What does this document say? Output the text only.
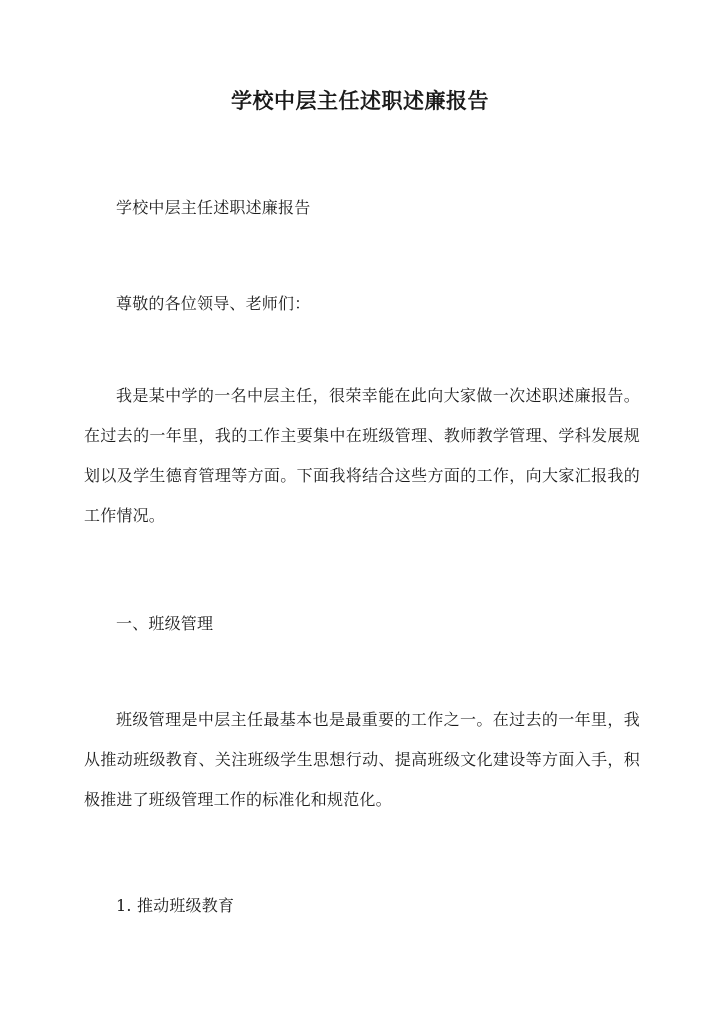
学校中层主任述职述廉报告
学校中层主任述职述廉报告
尊敬的各位领导、老师们：
我是某中学的一名中层主任，很荣幸能在此向大家做一次述职述廉报告。在过去的一年里，我的工作主要集中在班级管理、教师教学管理、学科发展规划以及学生德育管理等方面。下面我将结合这些方面的工作，向大家汇报我的工作情况。
一、班级管理
班级管理是中层主任最基本也是最重要的工作之一。在过去的一年里，我从推动班级教育、关注班级学生思想行动、提高班级文化建设等方面入手，积极推进了班级管理工作的标准化和规范化。
1. 推动班级教育
